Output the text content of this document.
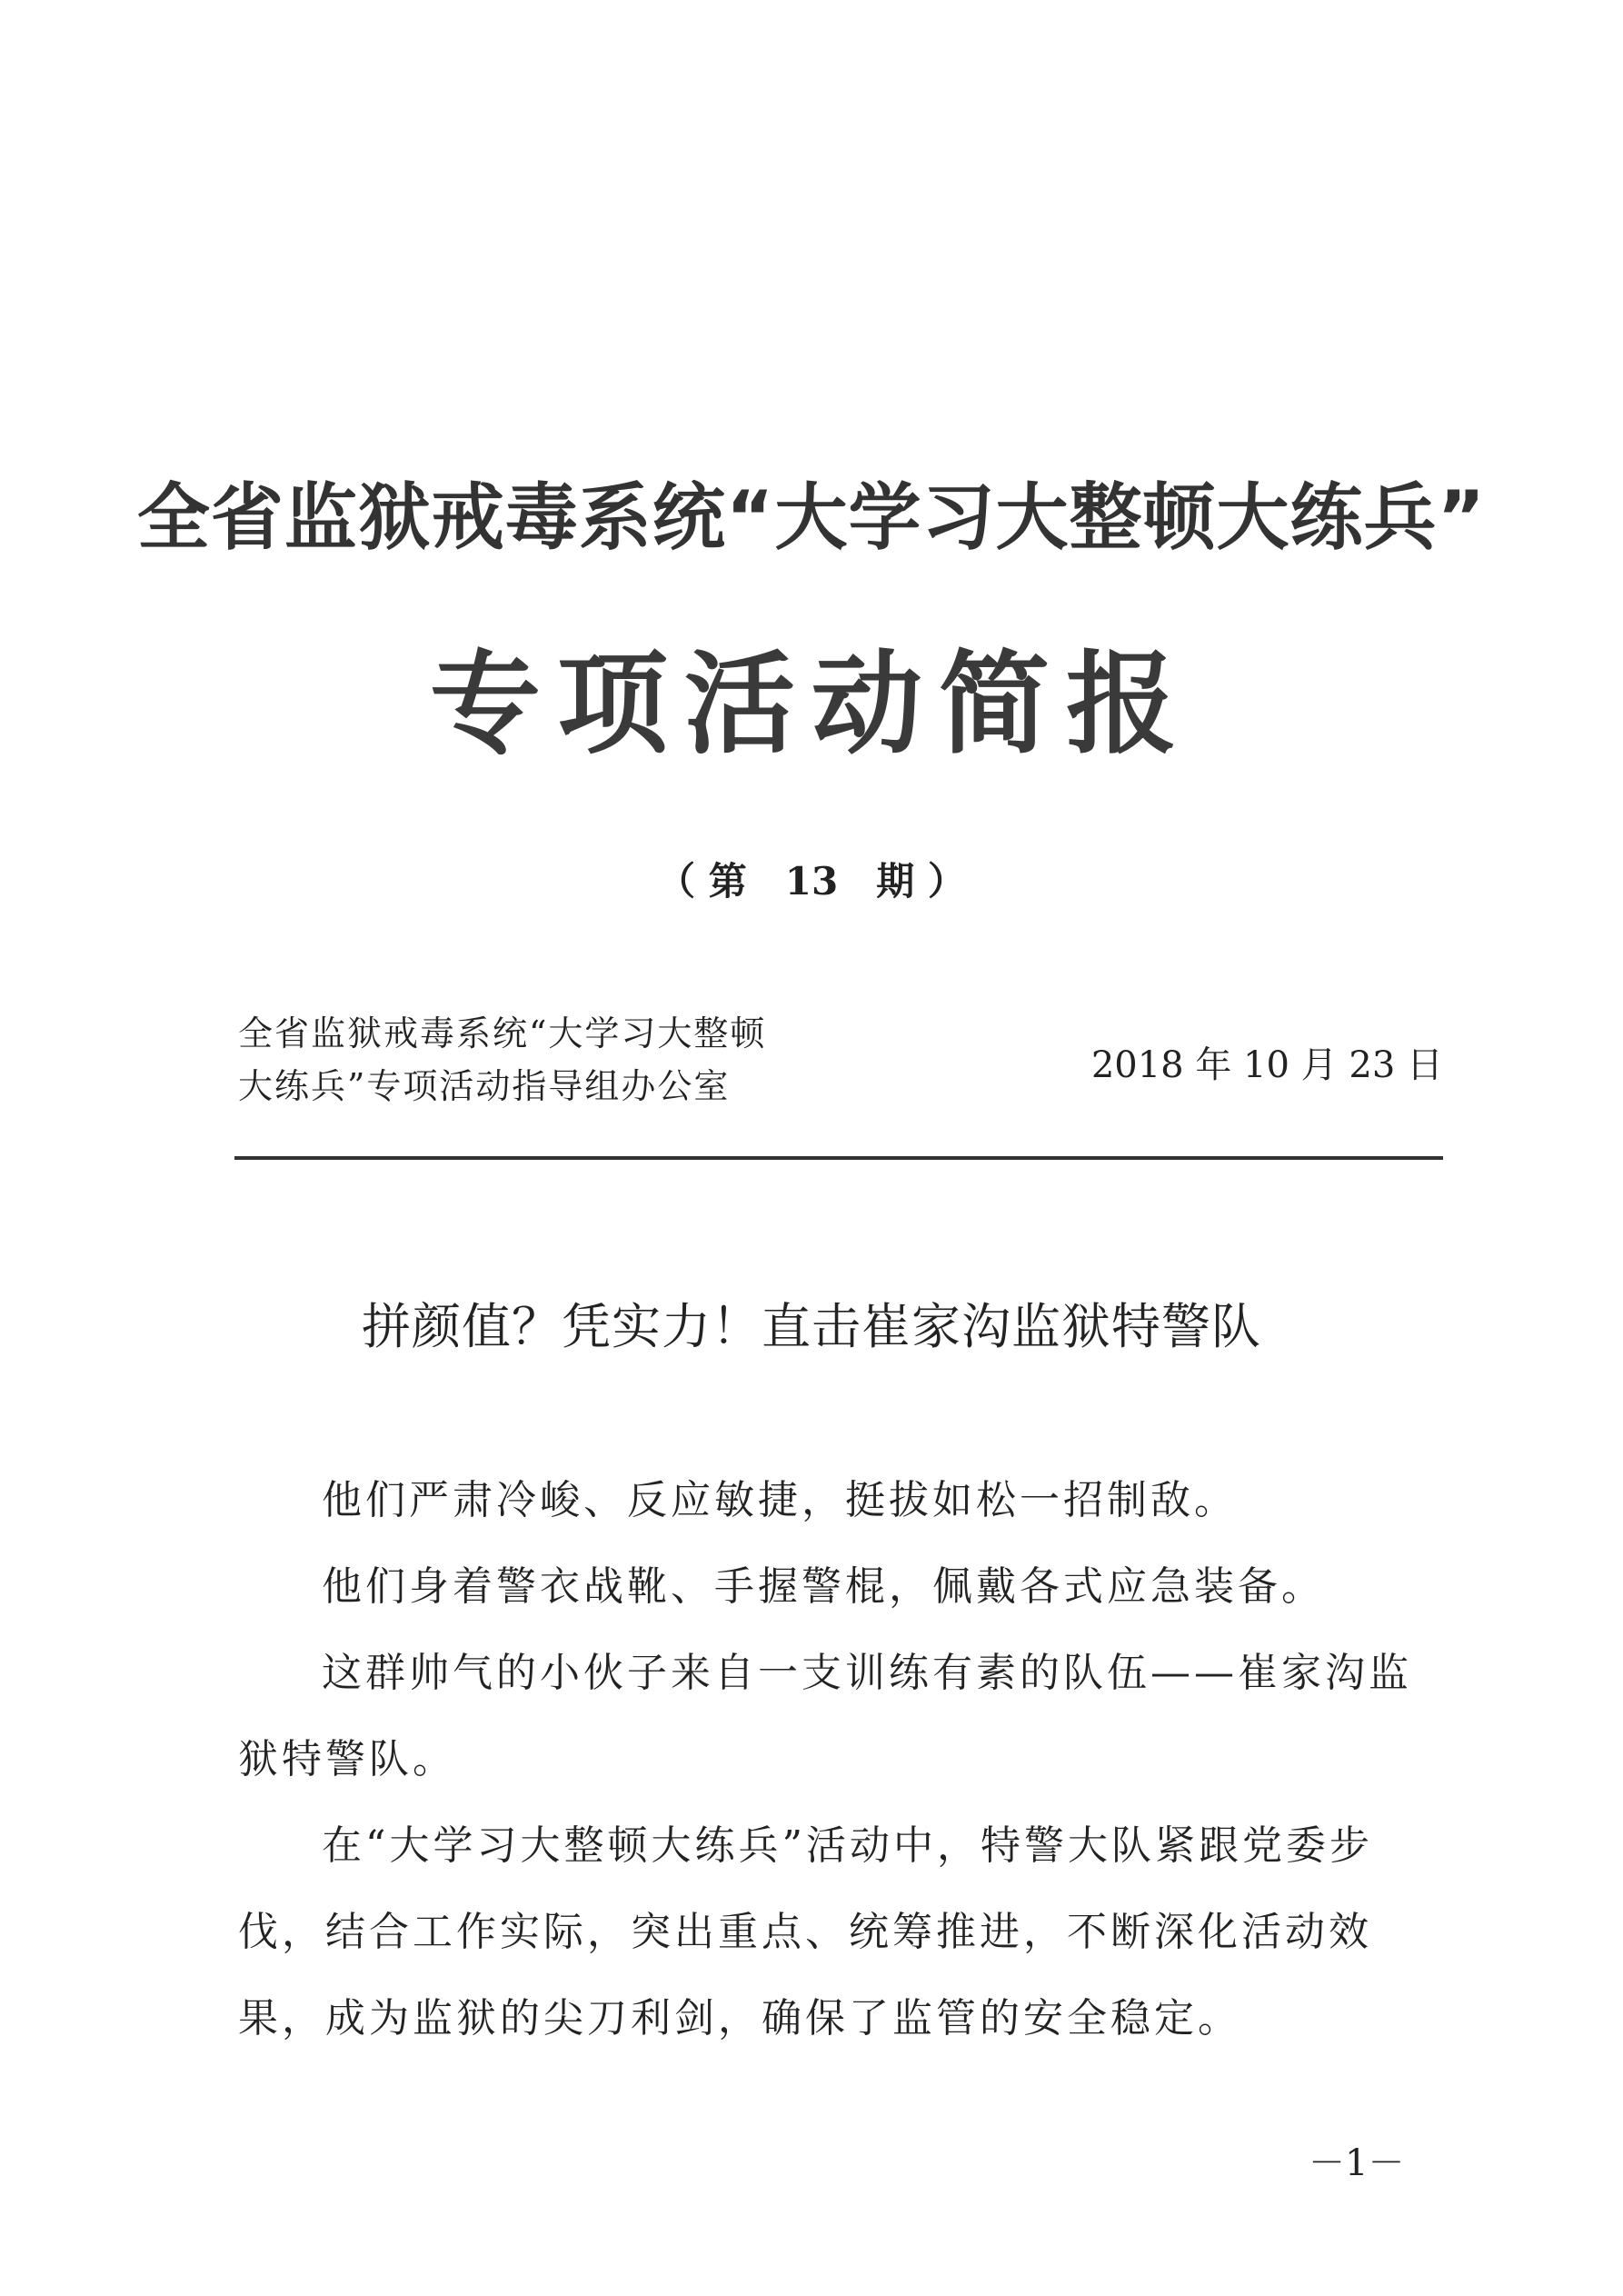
全省监狱戒毒系统“大学习大整顿大练兵”
专项活动简报
（ 第　13　期 ）
全省监狱戒毒系统“大学习大整顿
大练兵”专项活动指导组办公室	2018 年 10 月 23 日
拼颜值？凭实力！直击崔家沟监狱特警队

他们严肃冷峻、反应敏捷，挺拔如松一招制敌。

他们身着警衣战靴、手握警棍，佩戴各式应急装备。

这群帅气的小伙子来自一支训练有素的队伍——崔家沟监狱特警队。

在“大学习大整顿大练兵”活动中，特警大队紧跟党委步伐，结合工作实际，突出重点、统筹推进，不断深化活动效果，成为监狱的尖刀利剑，确保了监管的安全稳定。

－1－
